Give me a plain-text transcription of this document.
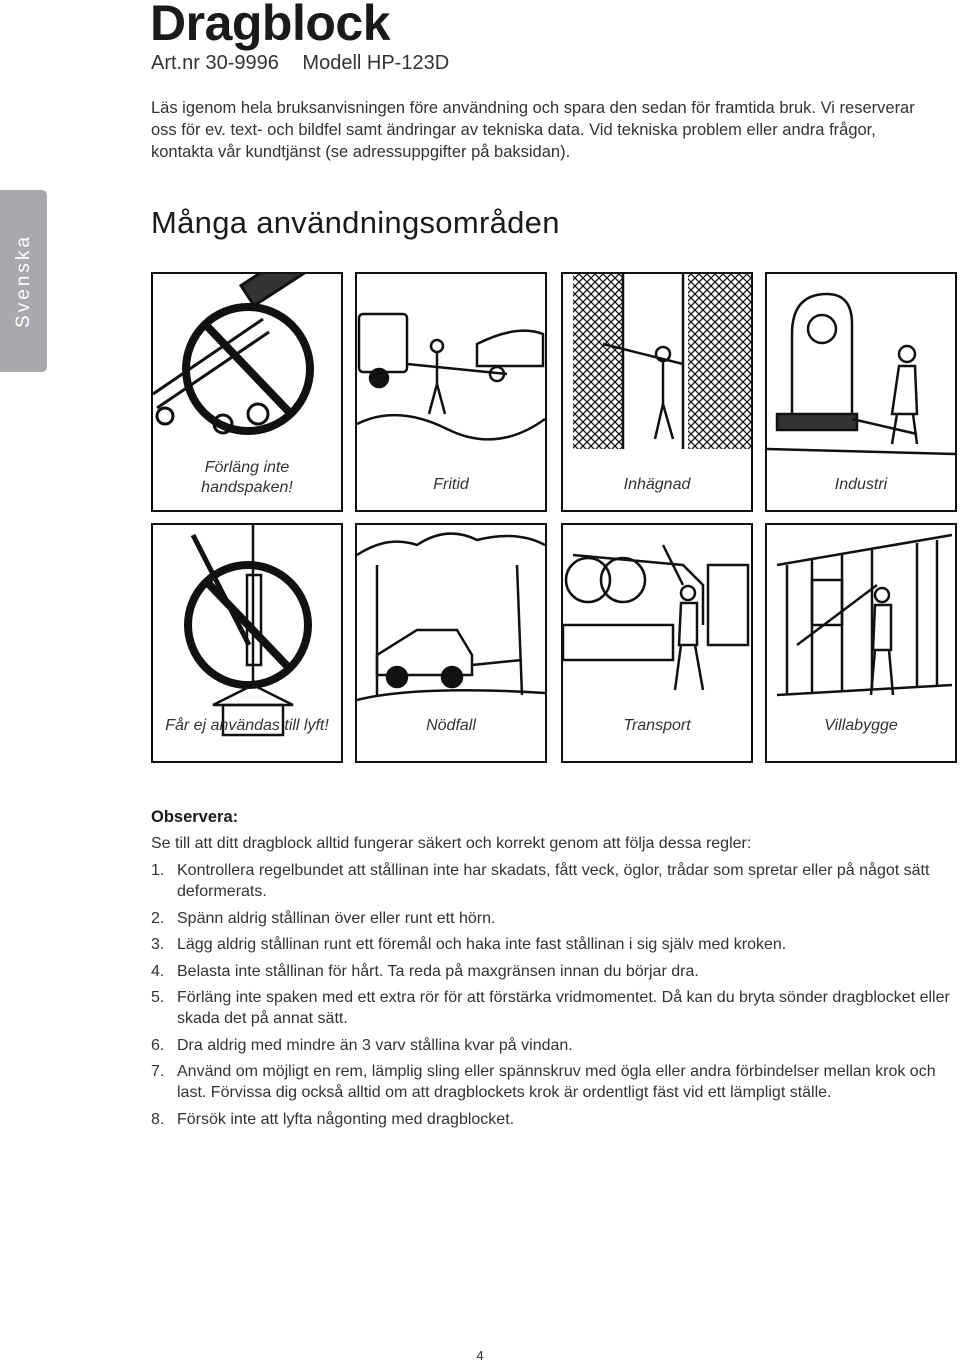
Dragblock
Art.nr 30-9996 Modell HP-123D

Läs igenom hela bruksanvisningen före användning och spara den sedan för framtida bruk. Vi reserverar oss för ev. text- och bildfel samt ändringar av tekniska data. Vid tekniska problem eller andra frågor, kontakta vår kundtjänst (se adressuppgifter på baksidan).

Svenska
Många användningsområden
Förläng inte
handspaken!	Fritid	Inhägnad	Industri
Får ej användas till lyft!	Nödfall	Transport	Villabygge
Observera:
Se till att ditt dragblock alltid fungerar säkert och korrekt genom att följa dessa regler:
1. Kontrollera regelbundet att stållinan inte har skadats, fått veck, öglor, trådar som spretar eller på något sätt deformerats.
2. Spänn aldrig stållinan över eller runt ett hörn.
3. Lägg aldrig stållinan runt ett föremål och haka inte fast stållinan i sig själv med kroken.
4. Belasta inte stållinan för hårt. Ta reda på maxgränsen innan du börjar dra.
5. Förläng inte spaken med ett extra rör för att förstärka vridmomentet. Då kan du bryta sönder dragblocket eller skada det på annat sätt.
6. Dra aldrig med mindre än 3 varv stållina kvar på vindan.
7. Använd om möjligt en rem, lämplig sling eller spännskruv med ögla eller andra förbindelser mellan krok och last. Förvissa dig också alltid om att dragblockets krok är ordentligt fäst vid ett lämpligt ställe.
8. Försök inte att lyfta någonting med dragblocket.
4
